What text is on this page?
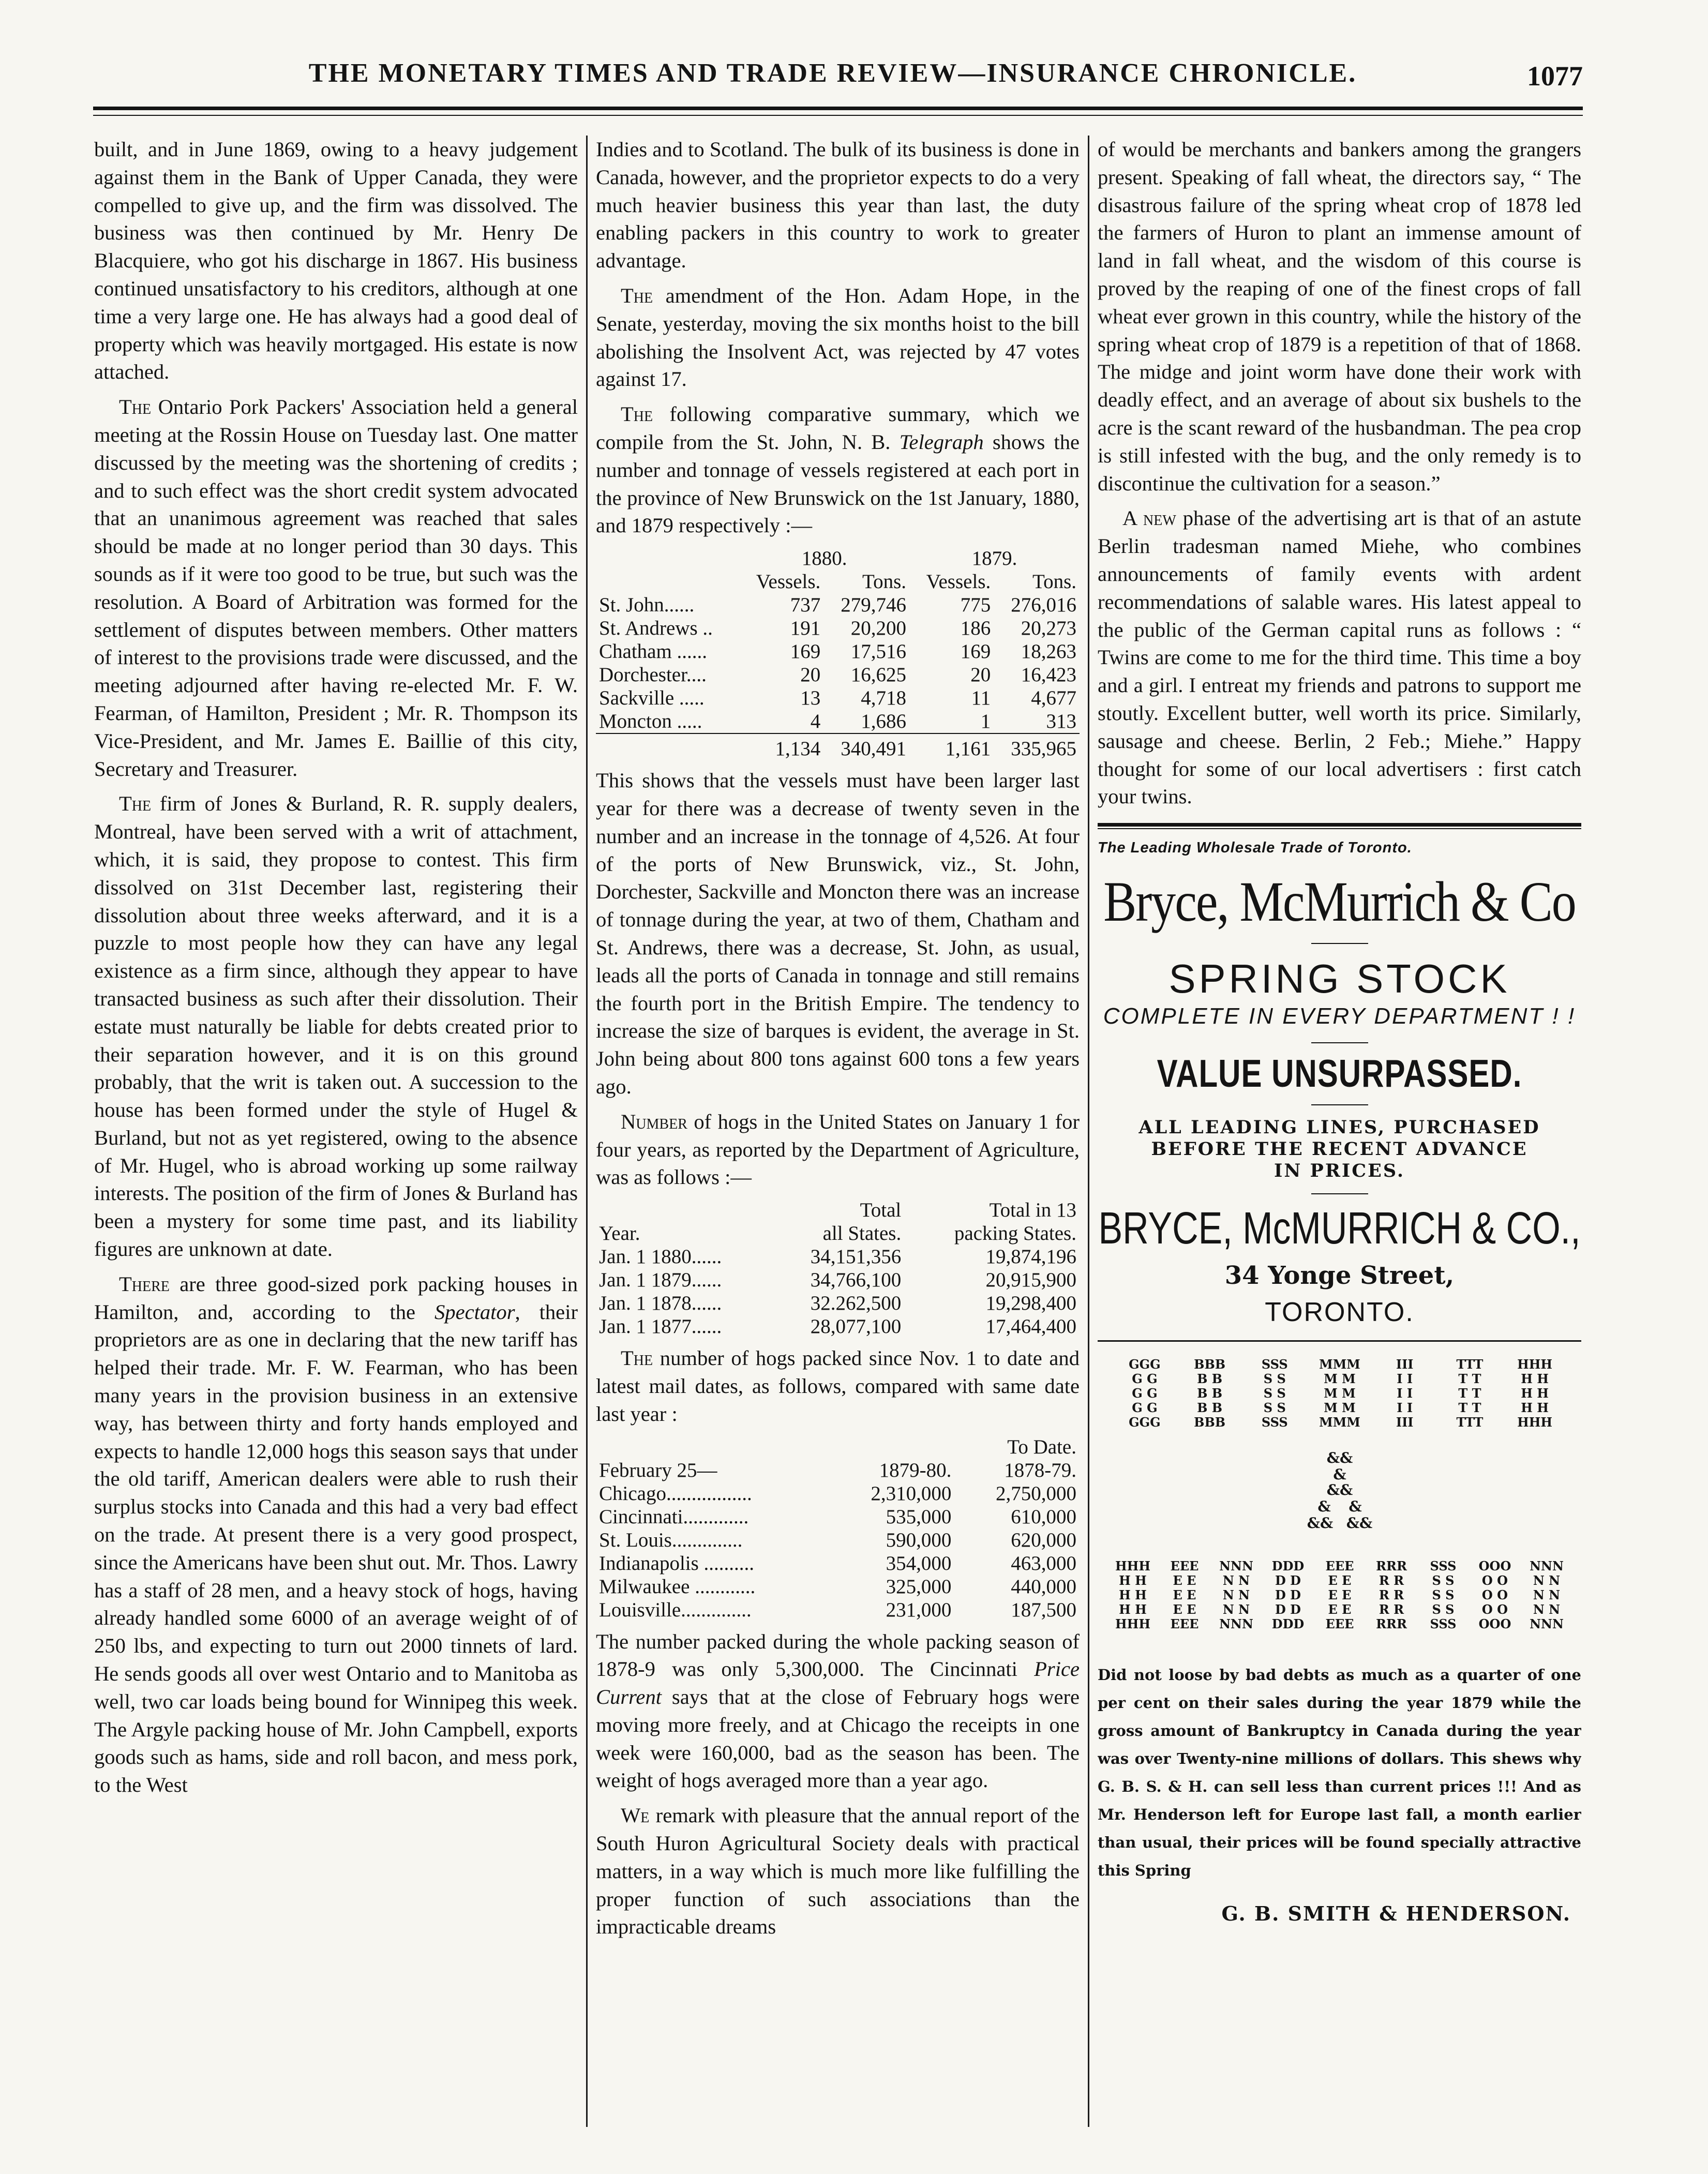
THE MONETARY TIMES AND TRADE REVIEW—INSURANCE CHRONICLE.	1077

built, and in June 1869, owing to a heavy judgement against them in the Bank of Upper Canada, they were compelled to give up, and the firm was dissolved. The business was then continued by Mr. Henry De Blacquiere, who got his discharge in 1867. His business continued unsatisfactory to his creditors, although at one time a very large one. He has always had a good deal of property which was heavily mortgaged. His estate is now attached.

The Ontario Pork Packers' Association held a general meeting at the Rossin House on Tuesday last. One matter discussed by the meeting was the shortening of credits ; and to such effect was the short credit system advocated that an unanimous agreement was reached that sales should be made at no longer period than 30 days. This sounds as if it were too good to be true, but such was the resolution. A Board of Arbitration was formed for the settlement of disputes between members. Other matters of interest to the provisions trade were discussed, and the meeting adjourned after having re-elected Mr. F. W. Fearman, of Hamilton, President ; Mr. R. Thompson its Vice-President, and Mr. James E. Baillie of this city, Secretary and Treasurer.

The firm of Jones & Burland, R. R. supply dealers, Montreal, have been served with a writ of attachment, which, it is said, they propose to contest. This firm dissolved on 31st December last, registering their dissolution about three weeks afterward, and it is a puzzle to most people how they can have any legal existence as a firm since, although they appear to have transacted business as such after their dissolution. Their estate must naturally be liable for debts created prior to their separation however, and it is on this ground probably, that the writ is taken out. A succession to the house has been formed under the style of Hugel & Burland, but not as yet registered, owing to the absence of Mr. Hugel, who is abroad working up some railway interests. The position of the firm of Jones & Burland has been a mystery for some time past, and its liability figures are unknown at date.

There are three good-sized pork packing houses in Hamilton, and, according to the Spectator, their proprietors are as one in declaring that the new tariff has helped their trade. Mr. F. W. Fearman, who has been many years in the provision business in an extensive way, has between thirty and forty hands employed and expects to handle 12,000 hogs this season says that under the old tariff, American dealers were able to rush their surplus stocks into Canada and this had a very bad effect on the trade. At present there is a very good prospect, since the Americans have been shut out. Mr. Thos. Lawry has a staff of 28 men, and a heavy stock of hogs, having already handled some 6000 of an average weight of of 250 lbs, and expecting to turn out 2000 tinnets of lard. He sends goods all over west Ontario and to Manitoba as well, two car loads being bound for Winnipeg this week. The Argyle packing house of Mr. John Campbell, exports goods such as hams, side and roll bacon, and mess pork, to the West

Indies and to Scotland. The bulk of its business is done in Canada, however, and the proprietor expects to do a very much heavier business this year than last, the duty enabling packers in this country to work to greater advantage.

The amendment of the Hon. Adam Hope, in the Senate, yesterday, moving the six months hoist to the bill abolishing the Insolvent Act, was rejected by 47 votes against 17.

The following comparative summary, which we compile from the St. John, N. B. Telegraph shows the number and tonnage of vessels registered at each port in the province of New Brunswick on the 1st January, 1880, and 1879 respectively :—

	1880.		1879.	
	Vessels.	Tons.	Vessels.	Tons.
St. John......	737	279,746	775	276,016
St. Andrews ..	191	20,200	186	20,273
Chatham ......	169	17,516	169	18,263
Dorchester....	20	16,625	20	16,423
Sackville .....	13	4,718	11	4,677
Moncton .....	4	1,686	1	313
	1,134	340,491	1,161	335,965

This shows that the vessels must have been larger last year for there was a decrease of twenty seven in the number and an increase in the tonnage of 4,526. At four of the ports of New Brunswick, viz., St. John, Dorchester, Sackville and Moncton there was an increase of tonnage during the year, at two of them, Chatham and St. Andrews, there was a decrease, St. John, as usual, leads all the ports of Canada in tonnage and still remains the fourth port in the British Empire. The tendency to increase the size of barques is evident, the average in St. John being about 800 tons against 600 tons a few years ago.

Number of hogs in the United States on January 1 for four years, as reported by the Department of Agriculture, was as follows :—

	Total	Total in 13
Year.	all States.	packing States.
Jan. 1 1880......	34,151,356	19,874,196
Jan. 1 1879......	34,766,100	20,915,900
Jan. 1 1878......	32.262,500	19,298,400
Jan. 1 1877......	28,077,100	17,464,400

The number of hogs packed since Nov. 1 to date and latest mail dates, as follows, compared with same date last year :

		To Date.
February 25—	1879-80.	1878-79.
Chicago.................	2,310,000	2,750,000
Cincinnati.............	535,000	610,000
St. Louis..............	590,000	620,000
Indianapolis ..........	354,000	463,000
Milwaukee ............	325,000	440,000
Louisville..............	231,000	187,500

The number packed during the whole packing season of 1878-9 was only 5,300,000. The Cincinnati Price Current says that at the close of February hogs were moving more freely, and at Chicago the receipts in one week were 160,000, bad as the season has been. The weight of hogs averaged more than a year ago.

We remark with pleasure that the annual report of the South Huron Agricultural Society deals with practical matters, in a way which is much more like fulfilling the proper function of such associations than the impracticable dreams

of would be merchants and bankers among the grangers present. Speaking of fall wheat, the directors say, “ The disastrous failure of the spring wheat crop of 1878 led the farmers of Huron to plant an immense amount of land in fall wheat, and the wisdom of this course is proved by the reaping of one of the finest crops of fall wheat ever grown in this country, while the history of the spring wheat crop of 1879 is a repetition of that of 1868. The midge and joint worm have done their work with deadly effect, and an average of about six bushels to the acre is the scant reward of the husbandman. The pea crop is still infested with the bug, and the only remedy is to discontinue the cultivation for a season.”

A new phase of the advertising art is that of an astute Berlin tradesman named Miehe, who combines announcements of family events with ardent recommendations of salable wares. His latest appeal to the public of the German capital runs as follows : “ Twins are come to me for the third time. This time a boy and a girl. I entreat my friends and patrons to support me stoutly. Excellent butter, well worth its price. Similarly, sausage and cheese. Berlin, 2 Feb.; Miehe.” Happy thought for some of our local advertisers : first catch your twins.

The Leading Wholesale Trade of Toronto.
Bryce, McMurrich & Co
SPRING STOCK
COMPLETE IN EVERY DEPARTMENT ! !
VALUE UNSURPASSED.
ALL LEADING LINES, PURCHASED
BEFORE THE RECENT ADVANCE
IN PRICES.
BRYCE, McMURRICH & CO.,
34 Yonge Street,
TORONTO.
GGG
G G
G G
G G
GGG
BBB
B B
B B
B B
BBB
SSS
S S
S S
S S
SSS
MMM
M M
M M
M M
MMM
III
I I
I I
I I
III
TTT
T T
T T
T T
TTT
HHH
H H
H H
H H
HHH
&&
&
&&
& &
&& &&
HHH
H H
H H
H H
HHH
EEE
E E
E E
E E
EEE
NNN
N N
N N
N N
NNN
DDD
D D
D D
D D
DDD
EEE
E E
E E
E E
EEE
RRR
R R
R R
R R
RRR
SSS
S S
S S
S S
SSS
OOO
O O
O O
O O
OOO
NNN
N N
N N
N N
NNN
Did not loose by bad debts as much as a quarter of one per cent on their sales during the year 1879 while the gross amount of Bankruptcy in Canada during the year was over Twenty-nine millions of dollars. This shews why G. B. S. & H. can sell less than current prices !!! And as Mr. Henderson left for Europe last fall, a month earlier than usual, their prices will be found specially attractive this Spring
G. B. SMITH & HENDERSON.
